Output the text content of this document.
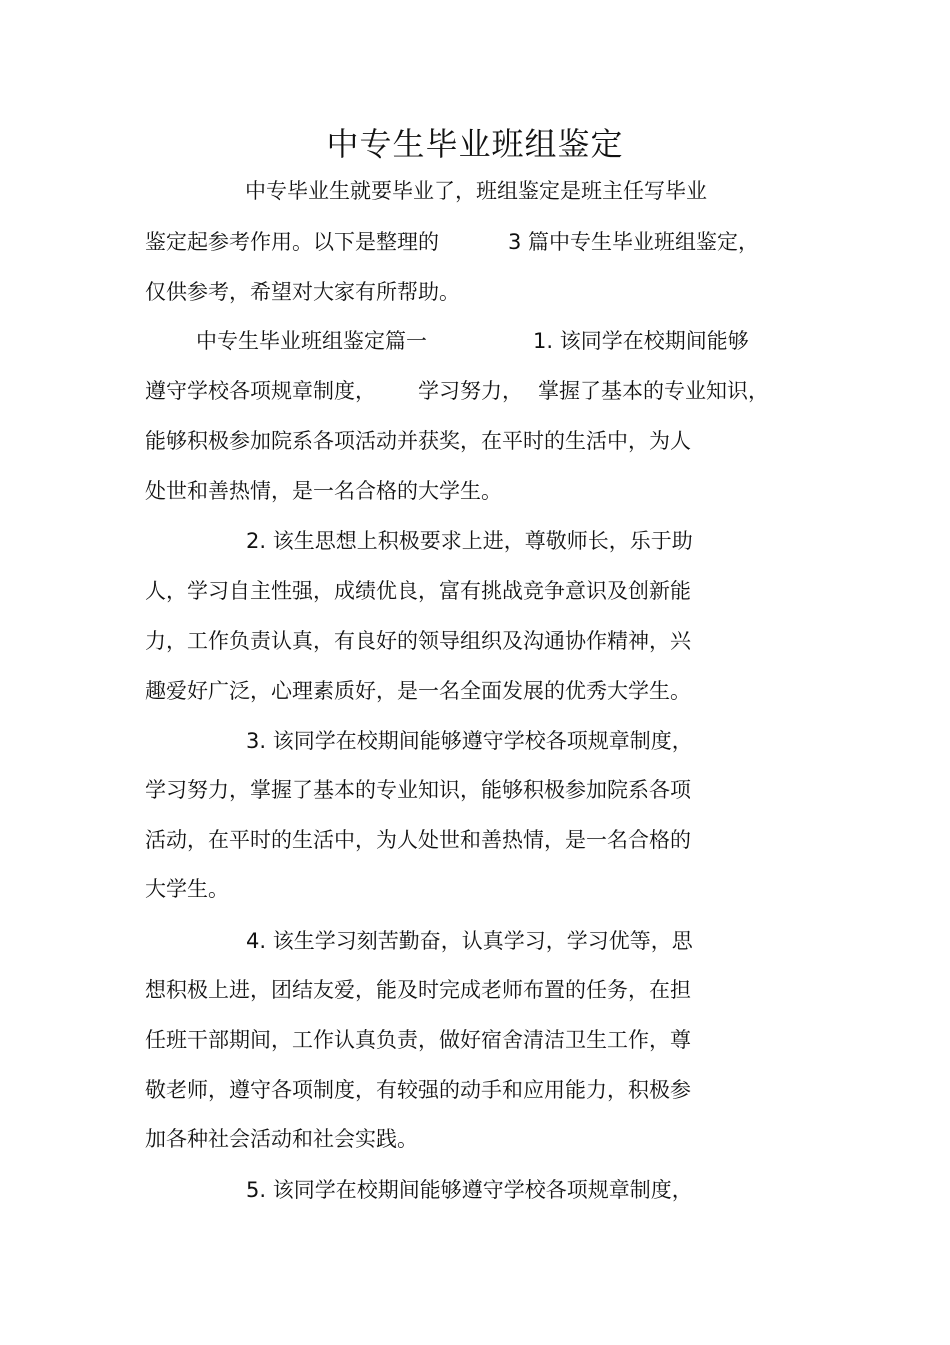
中专生毕业班组鉴定
中专毕业生就要毕业了，班组鉴定是班主任写毕业
鉴定起参考作用。以下是整理的	3 篇中专生毕业班组鉴定，
仅供参考，希望对大家有所帮助。
中专生毕业班组鉴定篇一	1. 该同学在校期间能够
遵守学校各项规章制度， 学习努力， 掌握了基本的专业知识，
能够积极参加院系各项活动并获奖，在平时的生活中，为人
处世和善热情，是一名合格的大学生。
2. 该生思想上积极要求上进，尊敬师长，乐于助
人，学习自主性强，成绩优良，富有挑战竞争意识及创新能
力，工作负责认真，有良好的领导组织及沟通协作精神，兴
趣爱好广泛，心理素质好，是一名全面发展的优秀大学生。
3. 该同学在校期间能够遵守学校各项规章制度，
学习努力，掌握了基本的专业知识，能够积极参加院系各项
活动，在平时的生活中，为人处世和善热情，是一名合格的
大学生。
4. 该生学习刻苦勤奋，认真学习，学习优等，思
想积极上进，团结友爱，能及时完成老师布置的任务，在担
任班干部期间，工作认真负责，做好宿舍清洁卫生工作，尊
敬老师，遵守各项制度，有较强的动手和应用能力，积极参
加各种社会活动和社会实践。
5. 该同学在校期间能够遵守学校各项规章制度，
